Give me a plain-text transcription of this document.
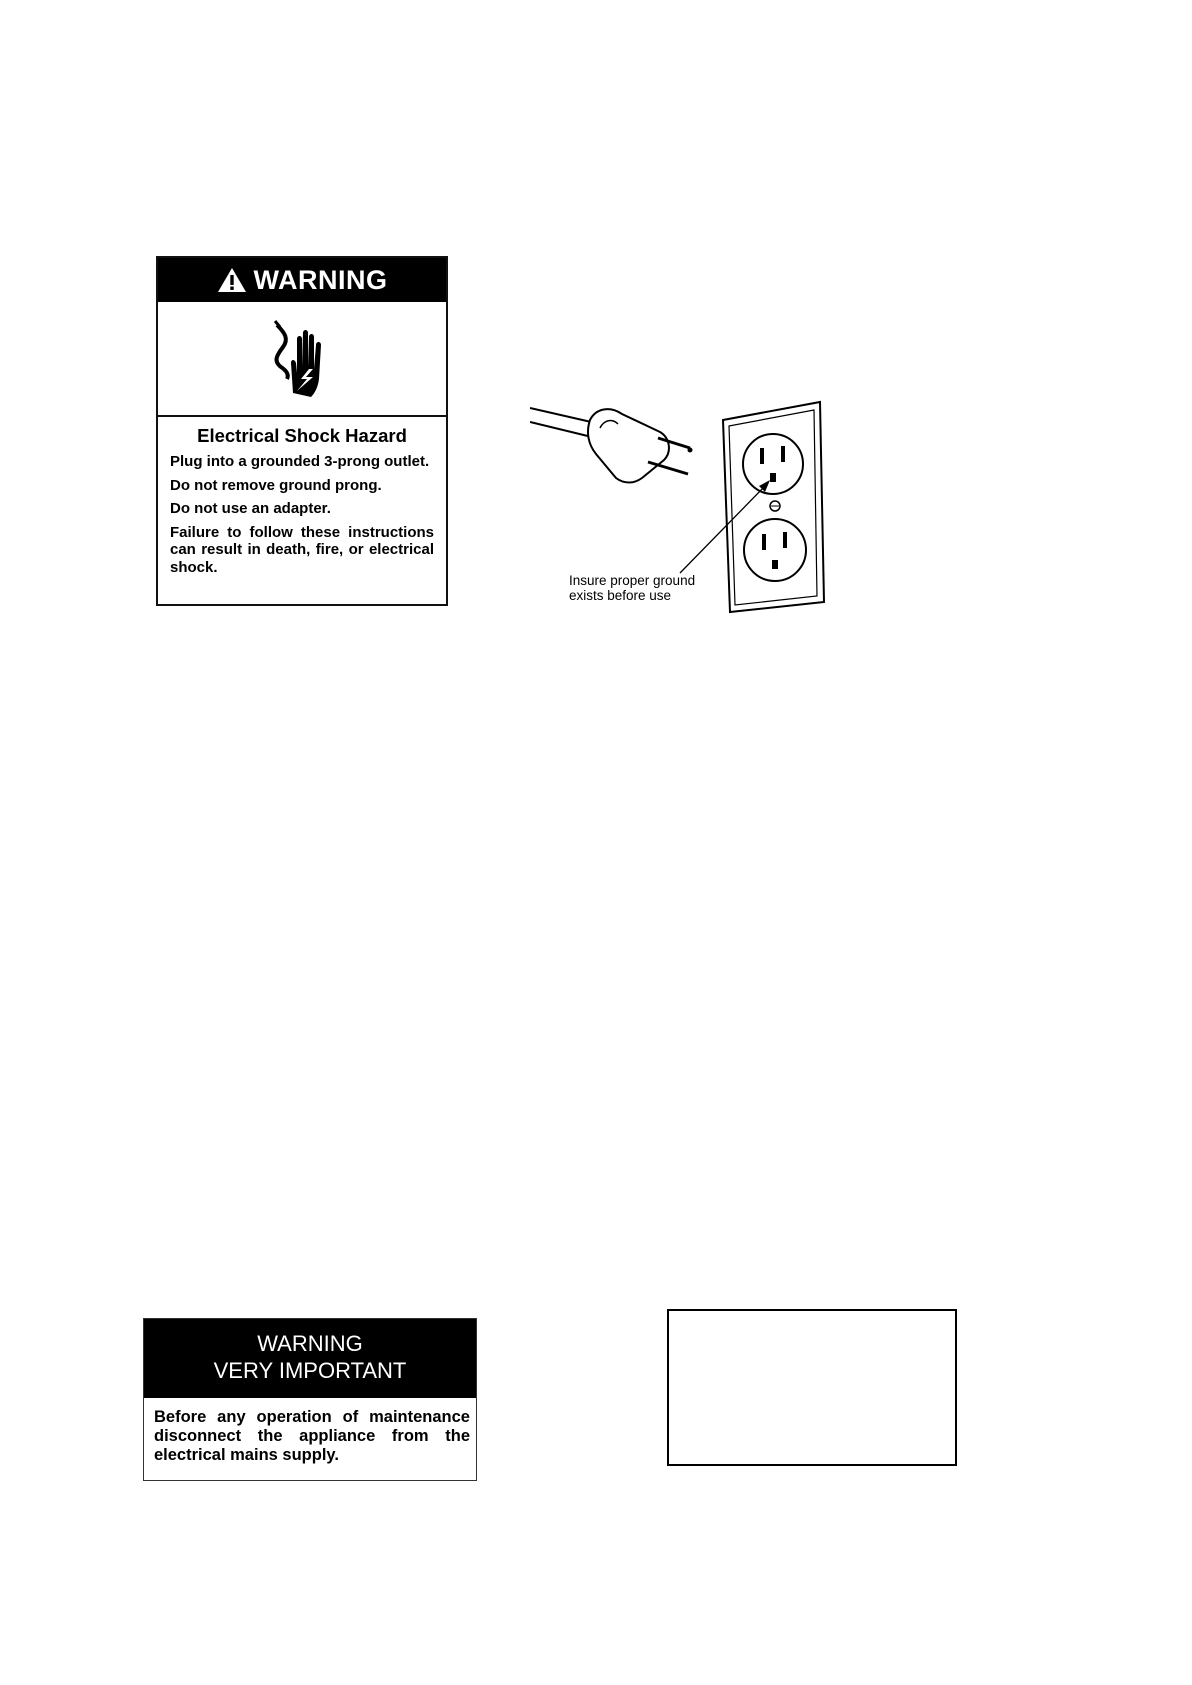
WARNING
Electrical Shock Hazard

Plug into a grounded 3-prong outlet.

Do not remove ground prong.

Do not use an adapter.

Failure to follow these instructions can result in death, fire, or electrical shock.

Insure proper ground
exists before use
WARNING
VERY IMPORTANT

Before any operation of maintenance disconnect the appliance from the electrical mains supply.
